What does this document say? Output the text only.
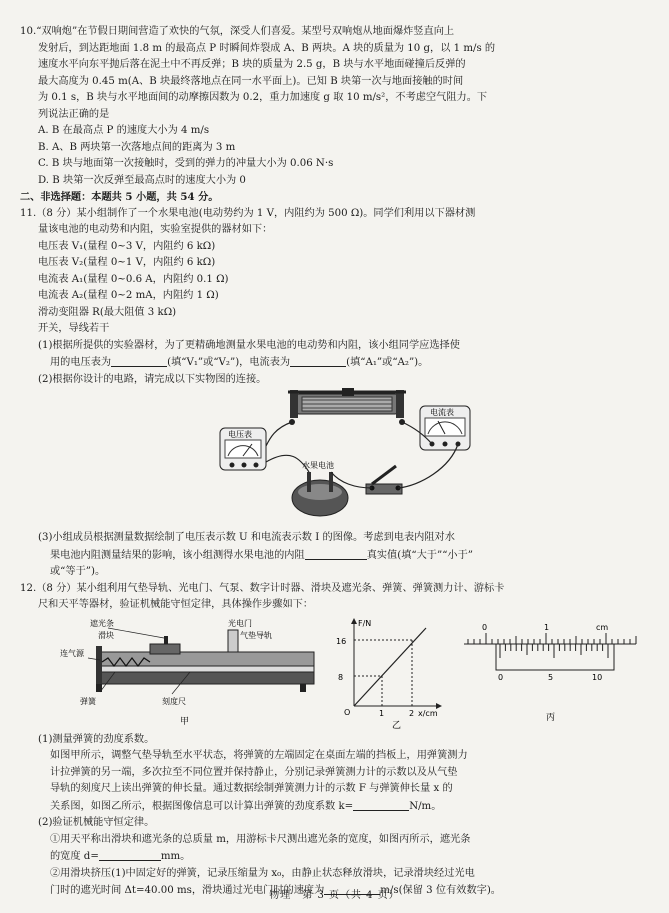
10.“双响炮”在节假日期间营造了欢快的气氛，深受人们喜爱。某型号双响炮从地面爆炸竖直向上
发射后，到达距地面 1.8 m 的最高点 P 时瞬间炸裂成 A、B 两块。A 块的质量为 10 g，以 1 m/s 的
速度水平向东平抛后落在泥土中不再反弹；B 块的质量为 2.5 g，B 块与水平地面碰撞后反弹的
最大高度为 0.45 m(A、B 块最终落地点在同一水平面上)。已知 B 块第一次与地面接触的时间
为 0.1 s，B 块与水平地面间的动摩擦因数为 0.2，重力加速度 g 取 10 m/s²，不考虑空气阻力。下
列说法正确的是
A. B 在最高点 P 的速度大小为 4 m/s
B. A、B 两块第一次落地点间的距离为 3 m
C. B 块与地面第一次接触时，受到的弹力的冲量大小为 0.06 N·s
D. B 块第一次反弹至最高点时的速度大小为 0
二、非选择题：本题共 5 小题，共 54 分。
11.（8 分）某小组制作了一个水果电池(电动势约为 1 V，内阻约为 500 Ω)。同学们利用以下器材测
量该电池的电动势和内阻，实验室提供的器材如下：
电压表 V₁(量程 0~3 V，内阻约 6 kΩ)
电压表 V₂(量程 0~1 V，内阻约 6 kΩ)
电流表 A₁(量程 0~0.6 A，内阻约 0.1 Ω)
电流表 A₂(量程 0~2 mA，内阻约 1 Ω)
滑动变阻器 R(最大阻值 3 kΩ)
开关，导线若干
(1)根据所提供的实验器材，为了更精确地测量水果电池的电动势和内阻，该小组同学应选择使
用的电压表为	(填“V₁”或“V₂”)，电流表为	(填“A₁”或“A₂”)。
(2)根据你设计的电路，请完成以下实物图的连接。
电压表
电流表
水果电池
(3)小组成员根据测量数据绘制了电压表示数 U 和电流表示数 I 的图像。考虑到电表内阻对水
果电池内阻测量结果的影响，该小组测得水果电池的内阻	真实值(填“大于”“小于”
或“等于”)。
12.（8 分）某小组利用气垫导轨、光电门、气泵、数字计时器、滑块及遮光条、弹簧、弹簧测力计、游标卡
尺和天平等器材，验证机械能守恒定律，具体操作步骤如下：
遮光条
滑块
光电门
气垫导轨
连气源
弹簧	刻度尺
甲
F/N
x/cm
O
8
16
1	2
乙
1
0	cm
0	5	10
丙
(1)测量弹簧的劲度系数。
如图甲所示，调整气垫导轨至水平状态，将弹簧的左端固定在桌面左端的挡板上，用弹簧测力
计拉弹簧的另一端，多次拉至不同位置并保持静止，分别记录弹簧测力计的示数以及从气垫
导轨的刻度尺上读出弹簧的伸长量。通过数据绘制弹簧测力计的示数 F 与弹簧伸长量 x 的
关系图，如图乙所示，根据图像信息可以计算出弹簧的劲度系数 k=	N/m。
(2)验证机械能守恒定律。
①用天平称出滑块和遮光条的总质量 m，用游标卡尺测出遮光条的宽度，如图丙所示，遮光条
的宽度 d=	mm。
②用滑块挤压(1)中固定好的弹簧，记录压缩量为 x₀，由静止状态释放滑块，记录滑块经过光电
门时的遮光时间 Δt=40.00 ms，滑块通过光电门时的速度为	m/s(保留 3 位有效数字)。
物理　第 3 页（共 4 页）
